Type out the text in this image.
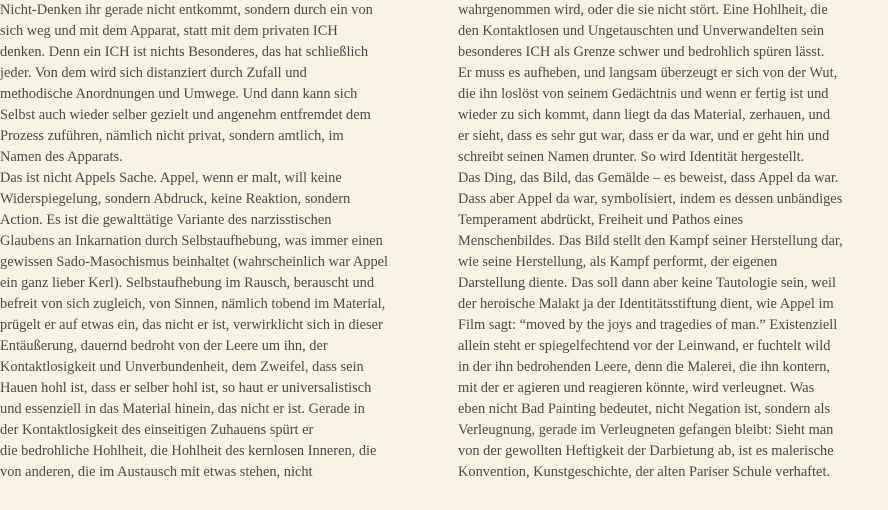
Nicht-Denken ihr gerade nicht entkommt, sondern durch ein von
sich weg und mit dem Apparat, statt mit dem privaten ICH
denken. Denn ein ICH ist nichts Besonderes, das hat schließlich
jeder. Von dem wird sich distanziert durch Zufall und
methodische Anordnungen und Umwege. Und dann kann sich
Selbst auch wieder selber gezielt und angenehm entfremdet dem
Prozess zuführen, nämlich nicht privat, sondern amtlich, im
Namen des Apparats.
Das ist nicht Appels Sache. Appel, wenn er malt, will keine
Widerspiegelung, sondern Abdruck, keine Reaktion, sondern
Action. Es ist die gewalttätige Variante des narzisstischen
Glaubens an Inkarnation durch Selbstaufhebung, was immer einen
gewissen Sado-Masochismus beinhaltet (wahrscheinlich war Appel
ein ganz lieber Kerl). Selbstaufhebung im Rausch, berauscht und
befreit von sich zugleich, von Sinnen, nämlich tobend im Material,
prügelt er auf etwas ein, das nicht er ist, verwirklicht sich in dieser
Entäußerung, dauernd bedroht von der Leere um ihn, der
Kontaktlosigkeit und Unverbundenheit, dem Zweifel, dass sein
Hauen hohl ist, dass er selber hohl ist, so haut er universalistisch
und essenziell in das Material hinein, das nicht er ist. Gerade in
der Kontaktlosigkeit des einseitigen Zuhauens spürt er
die bedrohliche Hohlheit, die Hohlheit des kernlosen Inneren, die
von anderen, die im Austausch mit etwas stehen, nicht
wahrgenommen wird, oder die sie nicht stört. Eine Hohlheit, die
den Kontaktlosen und Ungetauschten und Unverwandelten sein
besonderes ICH als Grenze schwer und bedrohlich spüren lässt.
Er muss es aufheben, und langsam überzeugt er sich von der Wut,
die ihn loslöst von seinem Gedächtnis und wenn er fertig ist und
wieder zu sich kommt, dann liegt da das Material, zerhauen, und
er sieht, dass es sehr gut war, dass er da war, und er geht hin und
schreibt seinen Namen drunter. So wird Identität hergestellt.
Das Ding, das Bild, das Gemälde – es beweist, dass Appel da war.
Dass aber Appel da war, symbolisiert, indem es dessen unbändiges
Temperament abdrückt, Freiheit und Pathos eines
Menschenbildes. Das Bild stellt den Kampf seiner Herstellung dar,
wie seine Herstellung, als Kampf performt, der eigenen
Darstellung diente. Das soll dann aber keine Tautologie sein, weil
der heroische Malakt ja der Identitätsstiftung dient, wie Appel im
Film sagt: “moved by the joys and tragedies of man.” Existenziell
allein steht er spiegelfechtend vor der Leinwand, er fuchtelt wild
in der ihn bedrohenden Leere, denn die Malerei, die ihn kontern,
mit der er agieren und reagieren könnte, wird verleugnet. Was
eben nicht Bad Painting bedeutet, nicht Negation ist, sondern als
Verleugnung, gerade im Verleugneten gefangen bleibt: Sieht man
von der gewollten Heftigkeit der Darbietung ab, ist es malerische
Konvention, Kunstgeschichte, der alten Pariser Schule verhaftet.
